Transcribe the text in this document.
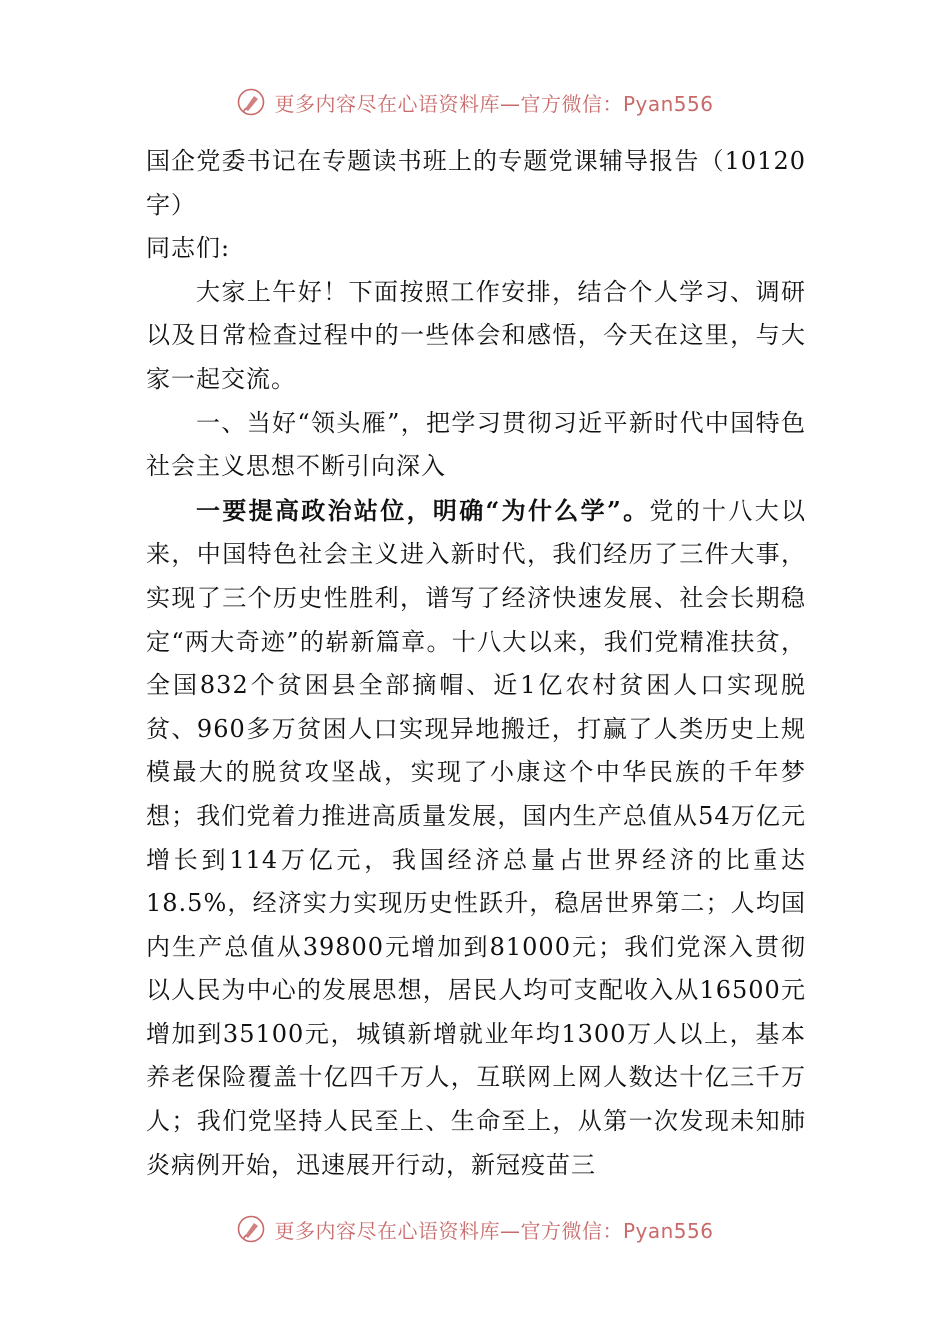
更多内容尽在心语资料库—官方微信：Pyan556

国企党委书记在专题读书班上的专题党课辅导报告（10120字）

同志们:

大家上午好！下面按照工作安排，结合个人学习、调研以及日常检查过程中的一些体会和感悟，今天在这里，与大家一起交流。

一、当好“领头雁”，把学习贯彻习近平新时代中国特色社会主义思想不断引向深入

一要提高政治站位，明确“为什么学”。党的十八大以来，中国特色社会主义进入新时代，我们经历了三件大事，实现了三个历史性胜利，谱写了经济快速发展、社会长期稳定“两大奇迹”的崭新篇章。十八大以来，我们党精准扶贫，全国832个贫困县全部摘帽、近1亿农村贫困人口实现脱贫、960多万贫困人口实现异地搬迁，打赢了人类历史上规模最大的脱贫攻坚战，实现了小康这个中华民族的千年梦想；我们党着力推进高质量发展，国内生产总值从54万亿元增长到114万亿元，我国经济总量占世界经济的比重达18.5%，经济实力实现历史性跃升，稳居世界第二；人均国内生产总值从39800元增加到81000元；我们党深入贯彻以人民为中心的发展思想，居民人均可支配收入从16500元增加到35100元，城镇新增就业年均1300万人以上，基本养老保险覆盖十亿四千万人，互联网上网人数达十亿三千万人；我们党坚持人民至上、生命至上，从第一次发现未知肺炎病例开始，迅速展开行动，新冠疫苗三

更多内容尽在心语资料库—官方微信：Pyan556
